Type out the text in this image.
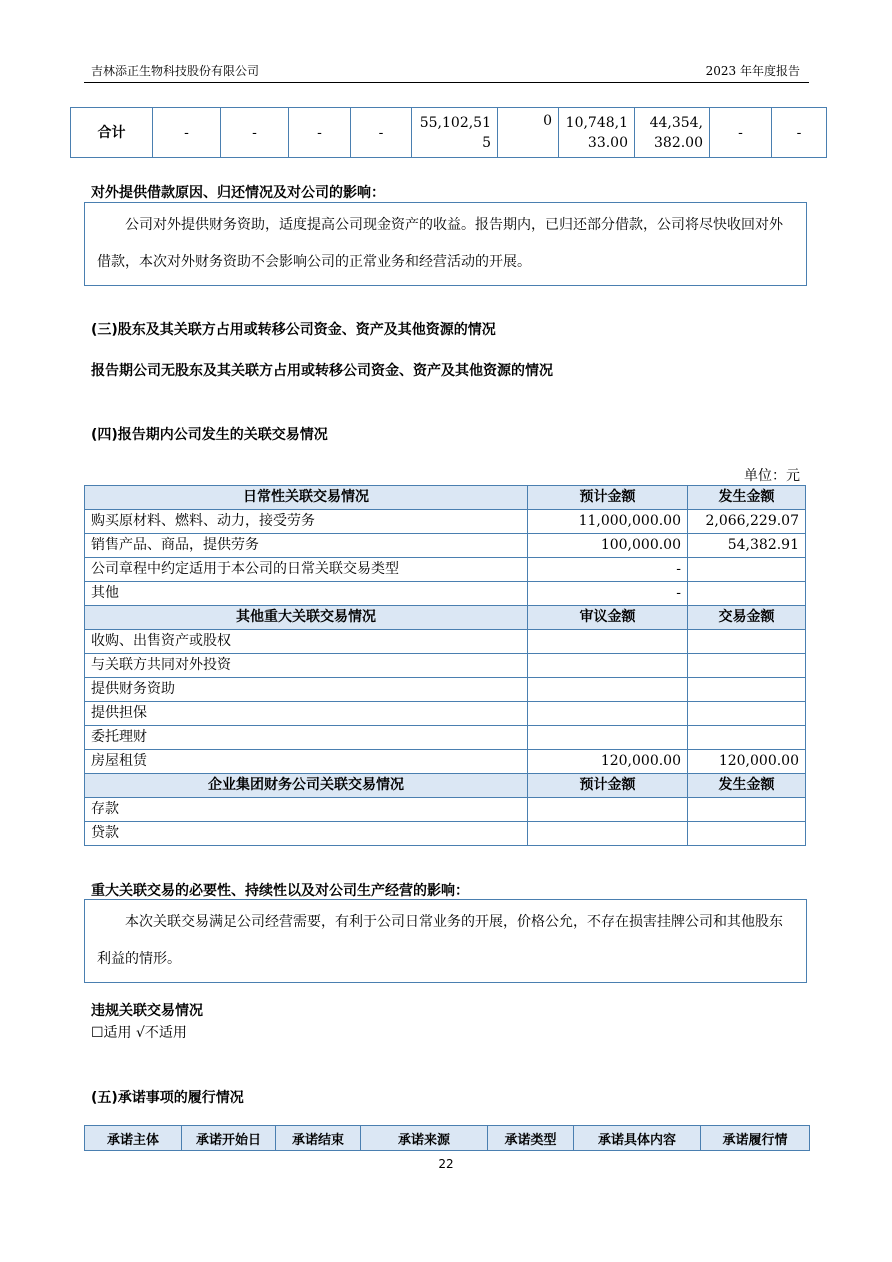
吉林添正生物科技股份有限公司	2023 年年度报告
合计	-	-	-	-	55,102,515	0	10,748,133.00	44,354,382.00	-	-
对外提供借款原因、归还情况及对公司的影响：
公司对外提供财务资助，适度提高公司现金资产的收益。报告期内，已归还部分借款，公司将尽快收回对外借款，本次对外财务资助不会影响公司的正常业务和经营活动的开展。
(三)股东及其关联方占用或转移公司资金、资产及其他资源的情况
报告期公司无股东及其关联方占用或转移公司资金、资产及其他资源的情况
(四)报告期内公司发生的关联交易情况
单位：元
日常性关联交易情况	预计金额	发生金额
购买原材料、燃料、动力，接受劳务	11,000,000.00	2,066,229.07
销售产品、商品，提供劳务	100,000.00	54,382.91
公司章程中约定适用于本公司的日常关联交易类型	-	
其他	-	
其他重大关联交易情况	审议金额	交易金额
收购、出售资产或股权		
与关联方共同对外投资		
提供财务资助		
提供担保		
委托理财		
房屋租赁	120,000.00	120,000.00
企业集团财务公司关联交易情况	预计金额	发生金额
存款		
贷款		
重大关联交易的必要性、持续性以及对公司生产经营的影响：
本次关联交易满足公司经营需要，有利于公司日常业务的开展，价格公允，不存在损害挂牌公司和其他股东利益的情形。
违规关联交易情况
☐适用 √不适用
(五)承诺事项的履行情况
承诺主体	承诺开始日	承诺结束	承诺来源	承诺类型	承诺具体内容	承诺履行情
22
